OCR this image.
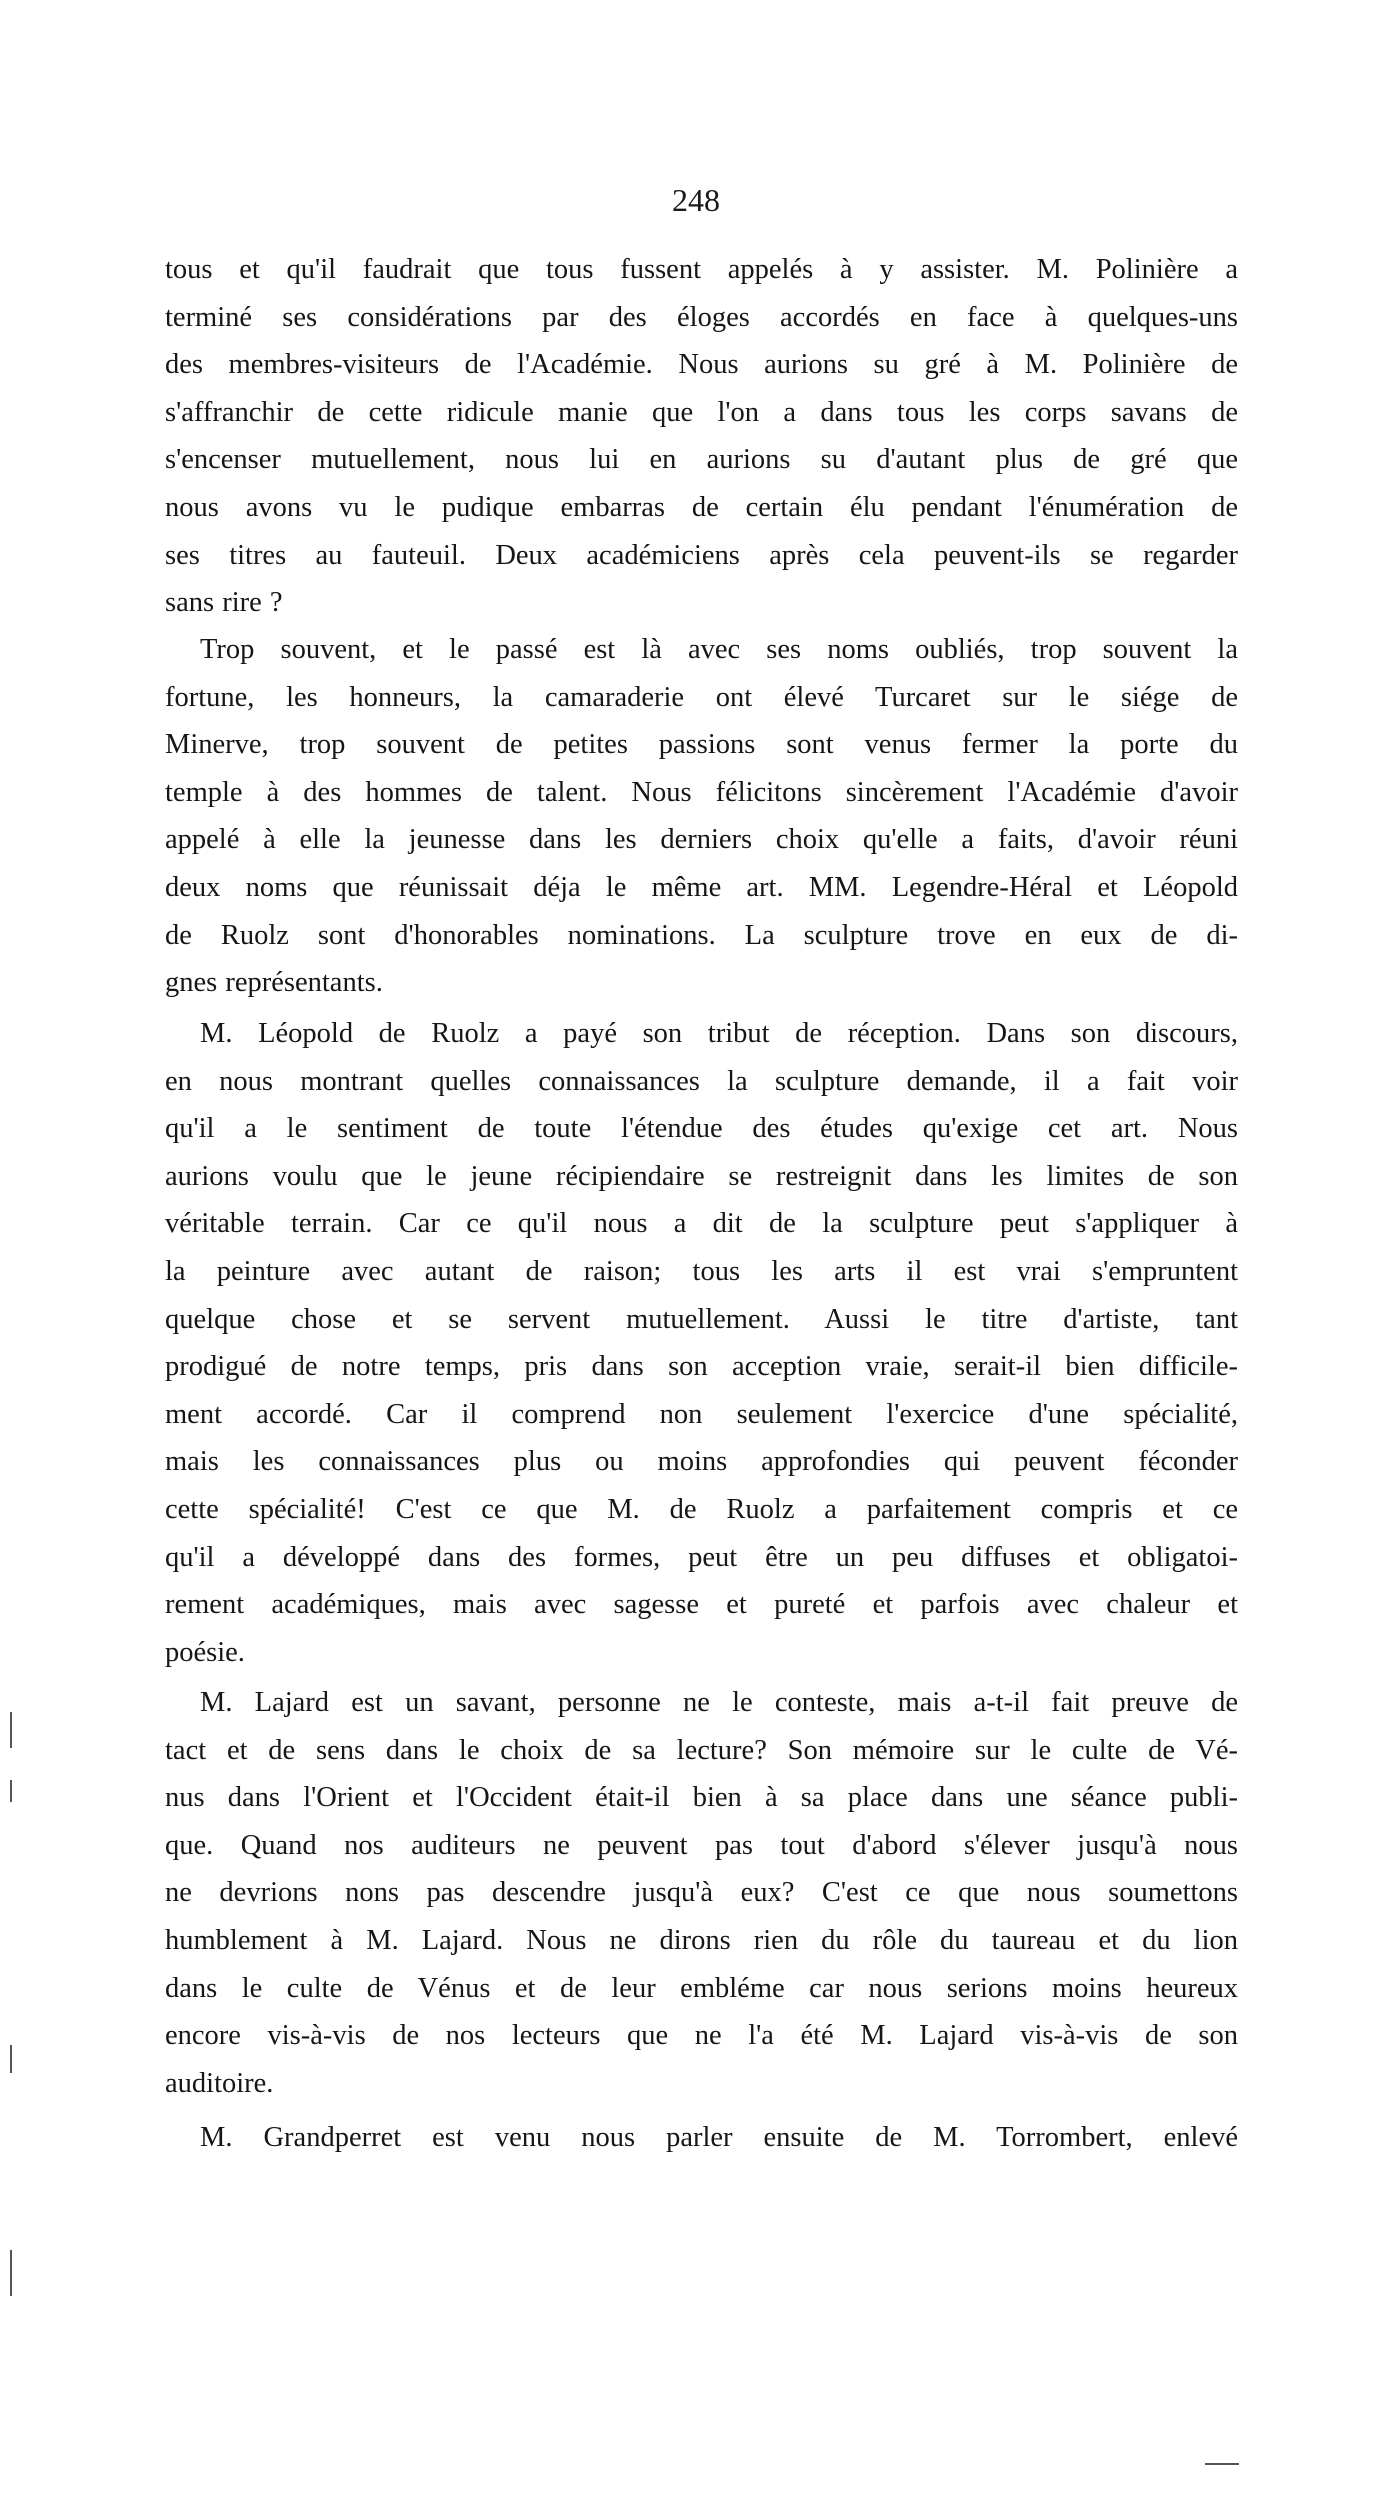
248
tous et qu'il faudrait que tous fussent appelés à y assister. M. Polinière a
terminé ses considérations par des éloges accordés en face à quelques-uns
des membres-visiteurs de l'Académie. Nous aurions su gré à M. Polinière de
s'affranchir de cette ridicule manie que l'on a dans tous les corps savans de
s'encenser mutuellement, nous lui en aurions su d'autant plus de gré que
nous avons vu le pudique embarras de certain élu pendant l'énumération de
ses titres au fauteuil. Deux académiciens après cela peuvent-ils se regarder
sans rire ?
Trop souvent, et le passé est là avec ses noms oubliés, trop souvent la
fortune, les honneurs, la camaraderie ont élevé Turcaret sur le siége de
Minerve, trop souvent de petites passions sont venus fermer la porte du
temple à des hommes de talent. Nous félicitons sincèrement l'Académie d'avoir
appelé à elle la jeunesse dans les derniers choix qu'elle a faits, d'avoir réuni
deux noms que réunissait déja le même art. MM. Legendre-Héral et Léopold
de Ruolz sont d'honorables nominations. La sculpture trove en eux de di-
gnes représentants.
M. Léopold de Ruolz a payé son tribut de réception. Dans son discours,
en nous montrant quelles connaissances la sculpture demande, il a fait voir
qu'il a le sentiment de toute l'étendue des études qu'exige cet art. Nous
aurions voulu que le jeune récipiendaire se restreignit dans les limites de son
véritable terrain. Car ce qu'il nous a dit de la sculpture peut s'appliquer à
la peinture avec autant de raison; tous les arts il est vrai s'empruntent
quelque chose et se servent mutuellement. Aussi le titre d'artiste, tant
prodigué de notre temps, pris dans son acception vraie, serait-il bien difficile-
ment accordé. Car il comprend non seulement l'exercice d'une spécialité,
mais les connaissances plus ou moins approfondies qui peuvent féconder
cette spécialité! C'est ce que M. de Ruolz a parfaitement compris et ce
qu'il a développé dans des formes, peut être un peu diffuses et obligatoi-
rement académiques, mais avec sagesse et pureté et parfois avec chaleur et
poésie.
M. Lajard est un savant, personne ne le conteste, mais a-t-il fait preuve de
tact et de sens dans le choix de sa lecture? Son mémoire sur le culte de Vé-
nus dans l'Orient et l'Occident était-il bien à sa place dans une séance publi-
que. Quand nos auditeurs ne peuvent pas tout d'abord s'élever jusqu'à nous
ne devrions nons pas descendre jusqu'à eux? C'est ce que nous soumettons
humblement à M. Lajard. Nous ne dirons rien du rôle du taureau et du lion
dans le culte de Vénus et de leur embléme car nous serions moins heureux
encore vis-à-vis de nos lecteurs que ne l'a été M. Lajard vis-à-vis de son
auditoire.
M. Grandperret est venu nous parler ensuite de M. Torrombert, enlevé
